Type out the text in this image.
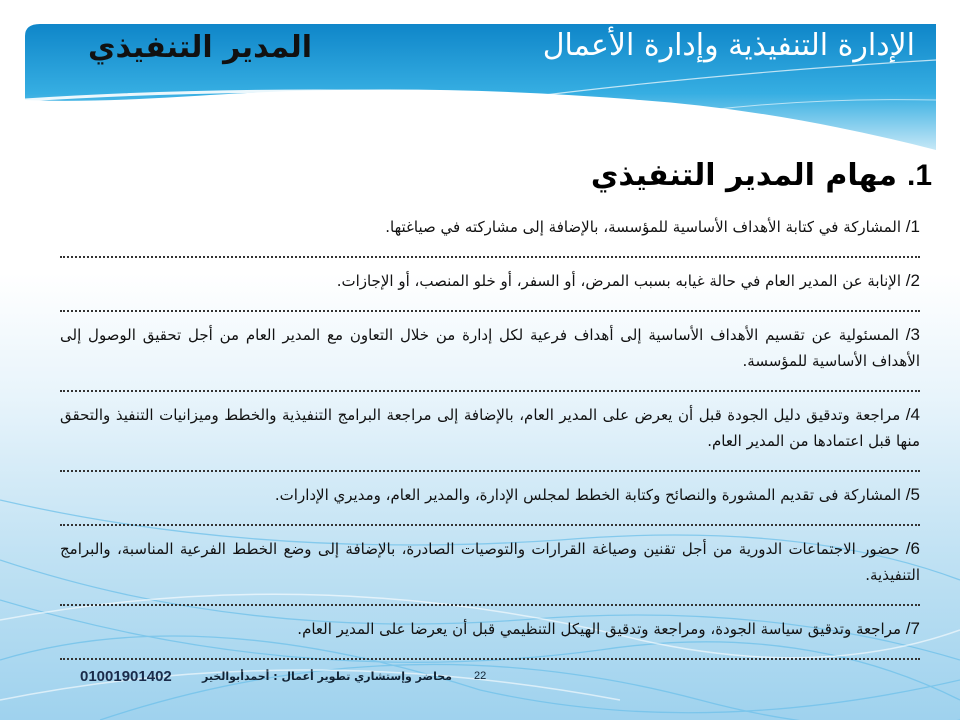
الإدارة التنفيذية وإدارة الأعمال
المدير التنفيذي
1.
مهام المدير التنفيذي
1/ المشاركة في كتابة الأهداف الأساسية للمؤسسة، بالإضافة إلى مشاركته في صياغتها.
2/ الإنابة عن المدير العام في حالة غيابه بسبب المرض، أو السفر، أو خلو المنصب، أو الإجازات.
3/ المسئولية عن تقسيم الأهداف الأساسية إلى أهداف فرعية لكل إدارة من خلال التعاون مع المدير العام من أجل تحقيق الوصول إلى الأهداف الأساسية للمؤسسة.
4/ مراجعة وتدقيق دليل الجودة قبل أن يعرض على المدير العام، بالإضافة إلى مراجعة البرامج التنفيذية والخطط وميزانيات التنفيذ والتحقق منها قبل اعتمادها من المدير العام.
5/ المشاركة فى تقديم المشورة والنصائح وكتابة الخطط لمجلس الإدارة، والمدير العام، ومديري الإدارات.
6/ حضور الاجتماعات الدورية من أجل تقنين وصياغة القرارات والتوصيات الصادرة، بالإضافة إلى وضع الخطط الفرعية المناسبة، والبرامج التنفيذية.
7/ مراجعة وتدقيق سياسة الجودة، ومراجعة وتدقيق الهيكل التنظيمي قبل أن يعرضا على المدير العام.
01001901402	محاضر وإستشاري تطوير أعمال : أحمدأبوالخير 22
